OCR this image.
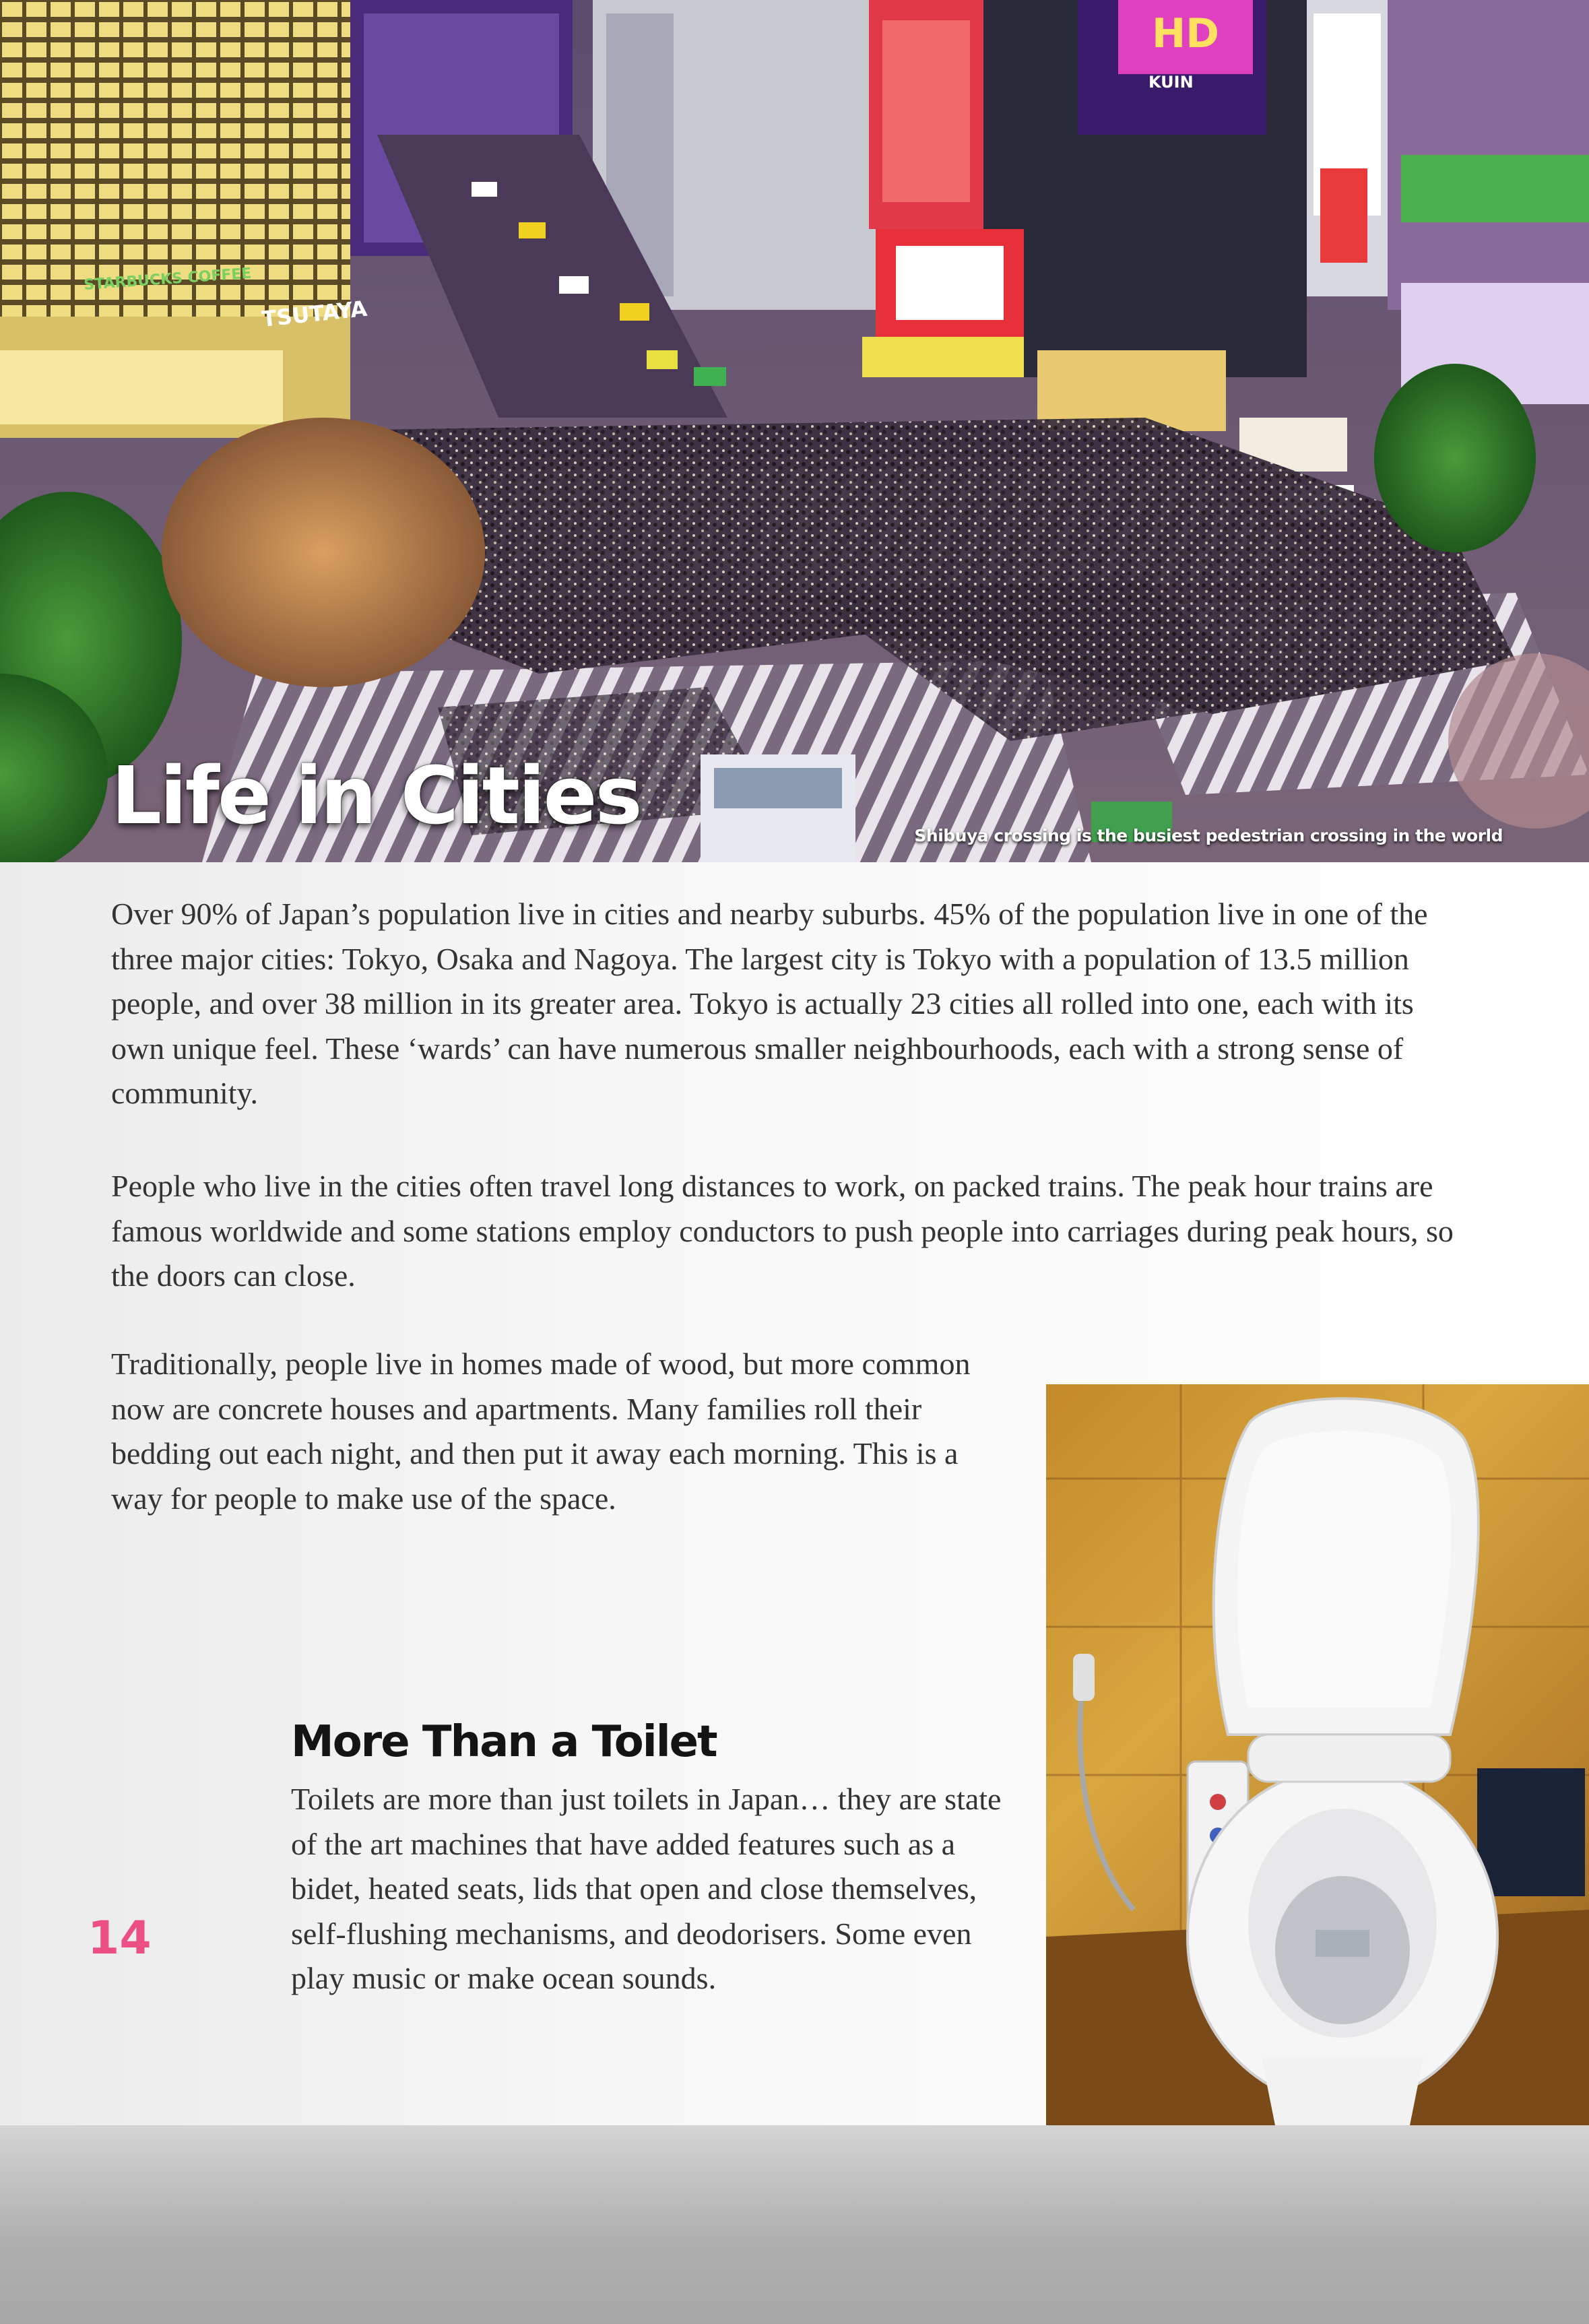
TSUTAYA
STARBUCKS COFFEE
KUIN
HD
Life in Cities	Shibuya crossing is the busiest pedestrian crossing in the world

Over 90% of Japan’s population live in cities and nearby suburbs. 45% of the population live in one of the three major cities: Tokyo, Osaka and Nagoya. The largest city is Tokyo with a population of 13.5 million people, and over 38 million in its greater area. Tokyo is actually 23 cities all rolled into one, each with its own unique feel. These ‘wards’ can have numerous smaller neighbourhoods, each with a strong sense of community.

People who live in the cities often travel long distances to work, on packed trains. The peak hour trains are famous worldwide and some stations employ conductors to push people into carriages during peak hours, so the doors can close.

Traditionally, people live in homes made of wood, but more common now are concrete houses and apartments. Many families roll their bedding out each night, and then put it away each morning. This is a way for people to make use of the space.

More Than a Toilet

Toilets are more than just toilets in Japan… they are state of the art machines that have added features such as a bidet, heated seats, lids that open and close themselves, self-flushing mechanisms, and deodorisers. Some even play music or make ocean sounds.

14
